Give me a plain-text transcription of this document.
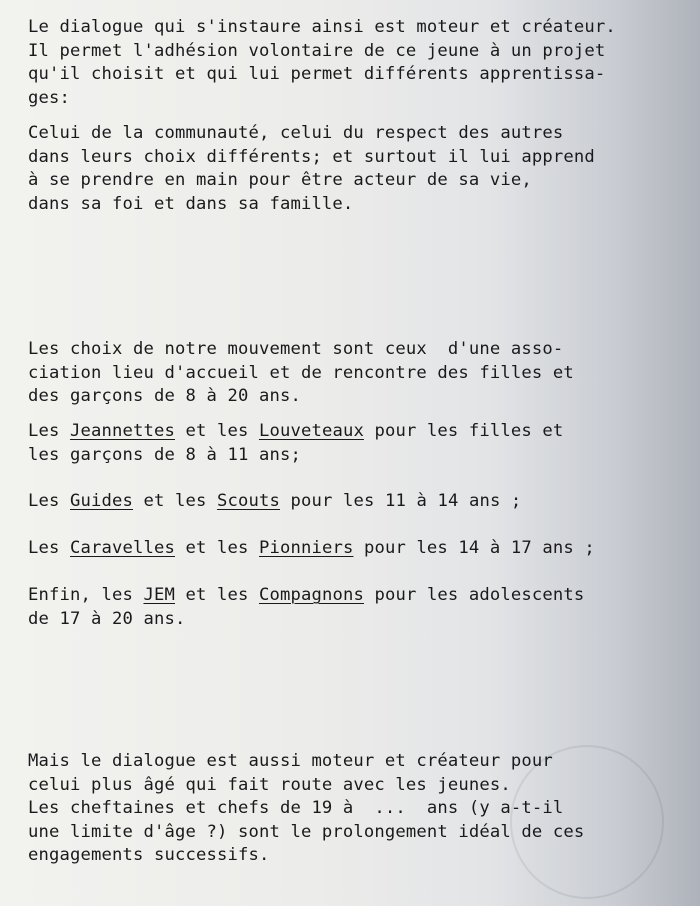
Le dialogue qui s'instaure ainsi est moteur et créateur.
Il permet l'adhésion volontaire de ce jeune à un projet
qu'il choisit et qui lui permet différents apprentissa-
ges:
Celui de la communauté, celui du respect des autres
dans leurs choix différents; et surtout il lui apprend
à se prendre en main pour être acteur de sa vie,
dans sa foi et dans sa famille.
Les choix de notre mouvement sont ceux  d'une asso-
ciation lieu d'accueil et de rencontre des filles et
des garçons de 8 à 20 ans.
Les Jeannettes et les Louveteaux pour les filles et
les garçons de 8 à 11 ans;
Les Guides et les Scouts pour les 11 à 14 ans ;
Les Caravelles et les Pionniers pour les 14 à 17 ans ;
Enfin, les JEM et les Compagnons pour les adolescents
de 17 à 20 ans.
Mais le dialogue est aussi moteur et créateur pour
celui plus âgé qui fait route avec les jeunes.
Les cheftaines et chefs de 19 à  ...  ans (y a-t-il
une limite d'âge ?) sont le prolongement idéal de ces
engagements successifs.
